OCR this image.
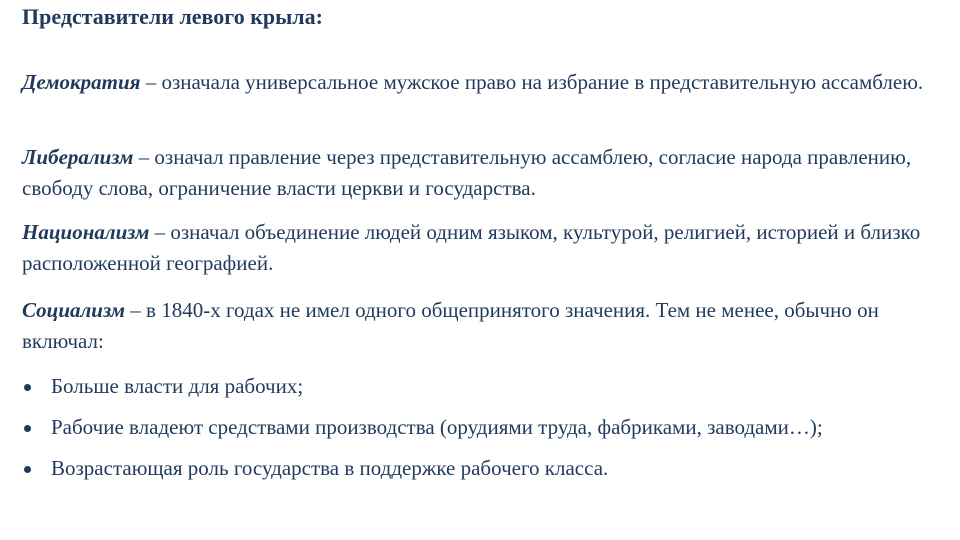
Представители левого крыла:
Демократия – означала универсальное мужское право на избрание в представительную ассамблею.
Либерализм – означал правление через представительную ассамблею, согласие народа правлению, свободу слова, ограничение власти церкви и государства.
Национализм – означал объединение людей одним языком, культурой, религией, историей и близко расположенной географией.
Социализм – в 1840-х годах не имел одного общепринятого значения. Тем не менее, обычно он включал:
Больше власти для рабочих;
Рабочие владеют средствами производства (орудиями труда, фабриками, заводами…);
Возрастающая роль государства в поддержке рабочего класса.
